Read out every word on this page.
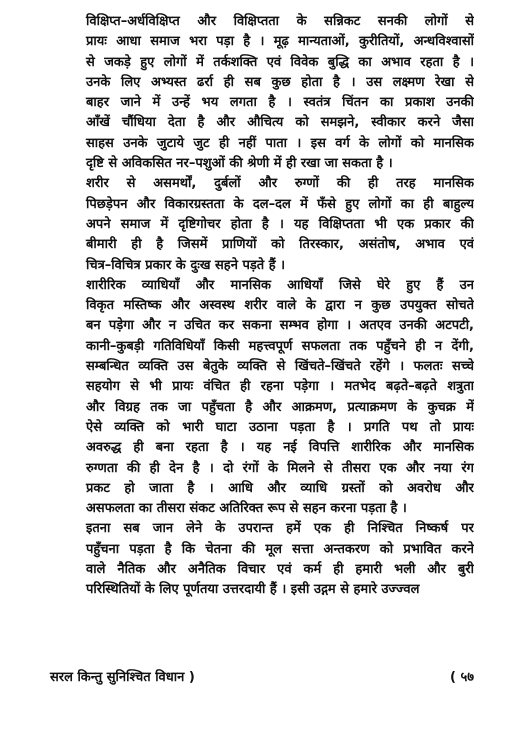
विक्षिप्त–अर्धविक्षिप्त और विक्षिप्तता के सन्निकट सनकी लोगों से
प्रायः आधा समाज भरा पड़ा है । मूढ़ मान्यताओं, कुरीतियों, अन्धविश्वासों
से जकड़े हुए लोगों में तर्कशक्ति एवं विवेक बुद्धि का अभाव रहता है ।
उनके लिए अभ्यस्त ढर्रा ही सब कुछ होता है । उस लक्ष्मण रेखा से
बाहर जाने में उन्हें भय लगता है । स्वतंत्र चिंतन का प्रकाश उनकी
आँखें चौंधिया देता है और औचित्य को समझने, स्वीकार करने जैसा
साहस उनके जुटाये जुट ही नहीं पाता । इस वर्ग के लोगों को मानसिक
दृष्टि से अविकसित नर–पशुओं की श्रेणी में ही रखा जा सकता है ।

शरीर से असमर्थों, दुर्बलों और रुग्णों की ही तरह मानसिक
पिछड़ेपन और विकारग्रस्तता के दल–दल में फँसे हुए लोगों का ही बाहुल्य
अपने समाज में दृष्टिगोचर होता है । यह विक्षिप्तता भी एक प्रकार की
बीमारी ही है जिसमें प्राणियों को तिरस्कार, असंतोष, अभाव एवं
चित्र–विचित्र प्रकार के दुःख सहने पड़ते हैं ।

शारीरिक व्याधियाँ और मानसिक आधियाँ जिसे घेरे हुए हैं उन
विकृत मस्तिष्क और अस्वस्थ शरीर वाले के द्वारा न कुछ उपयुक्त सोचते
बन पड़ेगा और न उचित कर सकना सम्भव होगा । अतएव उनकी अटपटी,
कानी–कुबड़ी गतिविधियाँ किसी महत्त्वपूर्ण सफलता तक पहुँचने ही न देंगी,
सम्बन्धित व्यक्ति उस बेतुके व्यक्ति से खिंचते–खिंचते रहेंगे । फलतः सच्चे
सहयोग से भी प्रायः वंचित ही रहना पड़ेगा । मतभेद बढ़ते–बढ़ते शत्रुता
और विग्रह तक जा पहुँचता है और आक्रमण, प्रत्याक्रमण के कुचक्र में
ऐसे व्यक्ति को भारी घाटा उठाना पड़ता है । प्रगति पथ तो प्रायः
अवरुद्ध ही बना रहता है । यह नई विपत्ति शारीरिक और मानसिक
रुग्णता की ही देन है । दो रंगों के मिलने से तीसरा एक और नया रंग
प्रकट हो जाता है । आधि और व्याधि ग्रस्तों को अवरोध और
असफलता का तीसरा संकट अतिरिक्त रूप से सहन करना पड़ता है ।

इतना सब जान लेने के उपरान्त हमें एक ही निश्चित निष्कर्ष पर
पहुँचना पड़ता है कि चेतना की मूल सत्ता अन्तकरण को प्रभावित करने
वाले नैतिक और अनैतिक विचार एवं कर्म ही हमारी भली और बुरी
परिस्थितियों के लिए पूर्णतया उत्तरदायी हैं । इसी उद्गम से हमारे उज्ज्वल

सरल किन्तु सुनिश्चित विधान )	( ५७
